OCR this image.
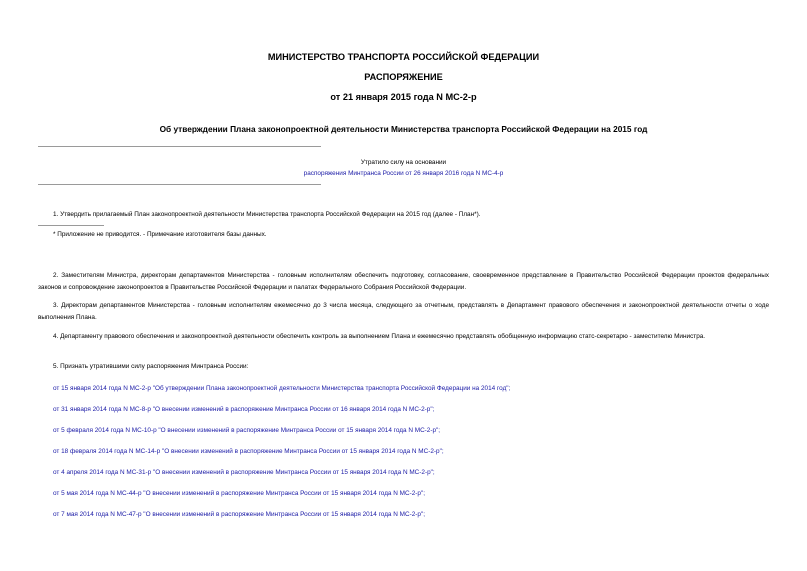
МИНИСТЕРСТВО ТРАНСПОРТА РОССИЙСКОЙ ФЕДЕРАЦИИ
РАСПОРЯЖЕНИЕ
от 21 января 2015 года N МС-2-р
Об утверждении Плана законопроектной деятельности Министерства транспорта Российской Федерации на 2015 год
Утратило силу на основании
распоряжения Минтранса России от 26 января 2016 года N МС-4-р
1. Утвердить прилагаемый План законопроектной деятельности Министерства транспорта Российской Федерации на 2015 год (далее - План*).
* Приложение не приводится. - Примечание изготовителя базы данных.
2. Заместителям Министра, директорам департаментов Министерства - головным исполнителям обеспечить подготовку, согласование, своевременное представление в Правительство Российской Федерации проектов федеральных законов и сопровождение законопроектов в Правительстве Российской Федерации и палатах Федерального Собрания Российской Федерации.
3. Директорам департаментов Министерства - головным исполнителям ежемесячно до 3 числа месяца, следующего за отчетным, представлять в Департамент правового обеспечения и законопроектной деятельности отчеты о ходе выполнения Плана.
4. Департаменту правового обеспечения и законопроектной деятельности обеспечить контроль за выполнением Плана и ежемесячно представлять обобщенную информацию статс-секретарю - заместителю Министра.
5. Признать утратившими силу распоряжения Минтранса России:
от 15 января 2014 года N МС-2-р "Об утверждении Плана законопроектной деятельности Министерства транспорта Российской Федерации на 2014 год";
от 31 января 2014 года N МС-8-р "О внесении изменений в распоряжение Минтранса России от 16 января 2014 года N МС-2-р";
от 5 февраля 2014 года N МС-10-р "О внесении изменений в распоряжение Минтранса России от 15 января 2014 года N МС-2-р";
от 18 февраля 2014 года N МС-14-р "О внесении изменений в распоряжение Минтранса России от 15 января 2014 года N МС-2-р";
от 4 апреля 2014 года N МС-31-р "О внесении изменений в распоряжение Минтранса России от 15 января 2014 года N МС-2-р";
от 5 мая 2014 года N МС-44-р "О внесении изменений в распоряжение Минтранса России от 15 января 2014 года N МС-2-р";
от 7 мая 2014 года N МС-47-р "О внесении изменений в распоряжение Минтранса России от 15 января 2014 года N МС-2-р";
